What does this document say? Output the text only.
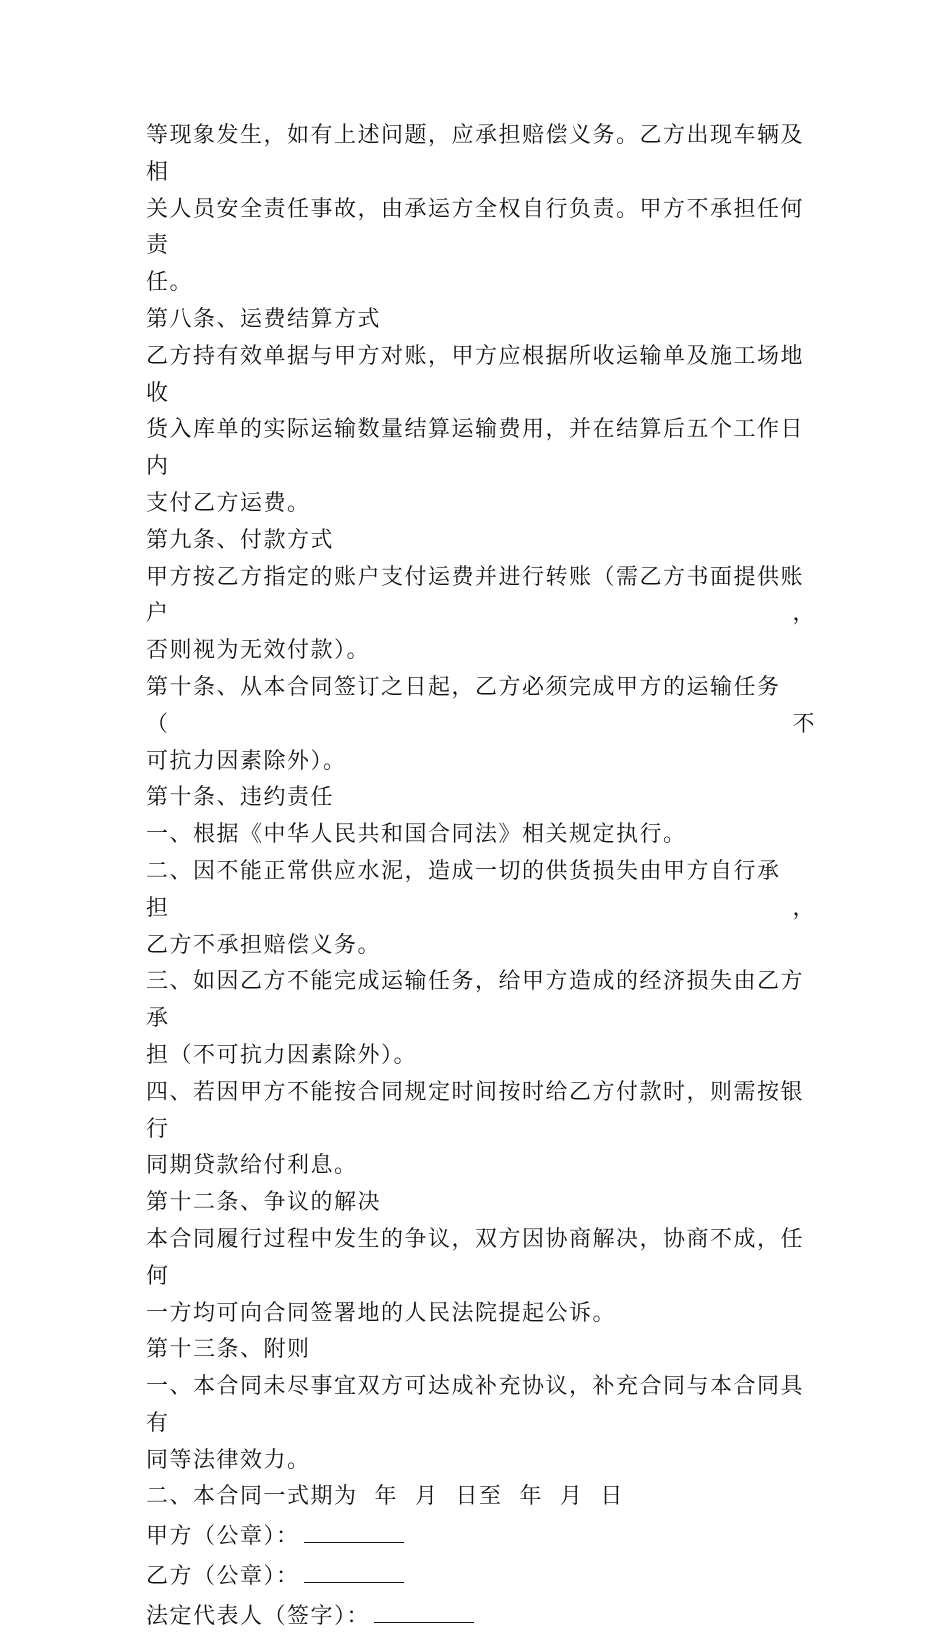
等现象发生，如有上述问题，应承担赔偿义务。乙方出现车辆及相
关人员安全责任事故，由承运方全权自行负责。甲方不承担任何责
任。
第八条、运费结算方式
乙方持有效单据与甲方对账，甲方应根据所收运输单及施工场地收
货入库单的实际运输数量结算运输费用，并在结算后五个工作日内
支付乙方运费。
第九条、付款方式
甲方按乙方指定的账户支付运费并进行转账（需乙方书面提供账户，
否则视为无效付款）。
第十条、从本合同签订之日起，乙方必须完成甲方的运输任务（不
可抗力因素除外）。
第十条、违约责任
一、根据《中华人民共和国合同法》相关规定执行。
二、因不能正常供应水泥，造成一切的供货损失由甲方自行承担，
乙方不承担赔偿义务。
三、如因乙方不能完成运输任务，给甲方造成的经济损失由乙方承
担（不可抗力因素除外）。
四、若因甲方不能按合同规定时间按时给乙方付款时，则需按银行
同期贷款给付利息。
第十二条、争议的解决
本合同履行过程中发生的争议，双方因协商解决，协商不成，任何
一方均可向合同签署地的人民法院提起公诉。
第十三条、附则
一、本合同未尽事宜双方可达成补充协议，补充合同与本合同具有
同等法律效力。
二、本合同一式期为  年  月  日至  年  月  日
甲方（公章）：
乙方（公章）：
法定代表人（签字）：
